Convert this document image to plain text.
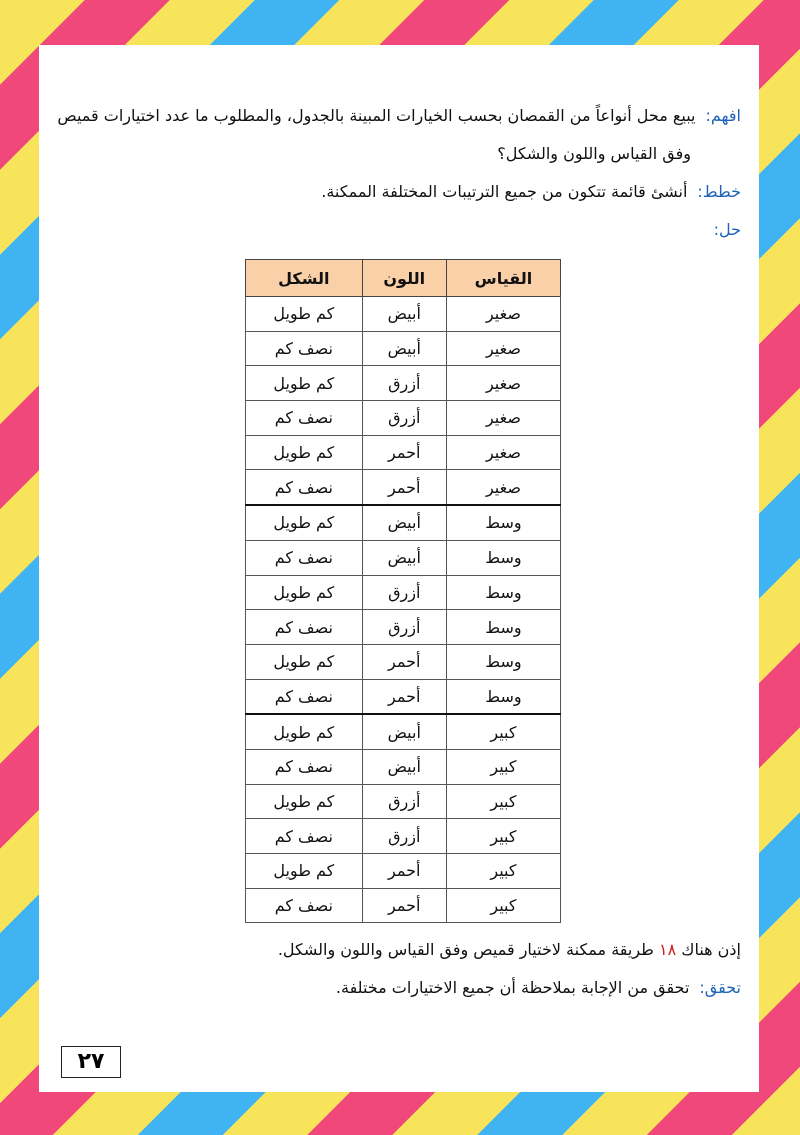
افهم:يبيع محل أنواعاً من القمصان بحسب الخيارات المبينة بالجدول، والمطلوب ما عدد اختيارات قميص

وفق القياس واللون والشكل؟

خطط:أنشئ قائمة تتكون من جميع الترتيبات المختلفة الممكنة.

حل:

القياس	اللون	الشكل
صغير	أبيض	كم طويل
صغير	أبيض	نصف كم
صغير	أزرق	كم طويل
صغير	أزرق	نصف كم
صغير	أحمر	كم طويل
صغير	أحمر	نصف كم
وسط	أبيض	كم طويل
وسط	أبيض	نصف كم
وسط	أزرق	كم طويل
وسط	أزرق	نصف كم
وسط	أحمر	كم طويل
وسط	أحمر	نصف كم
كبير	أبيض	كم طويل
كبير	أبيض	نصف كم
كبير	أزرق	كم طويل
كبير	أزرق	نصف كم
كبير	أحمر	كم طويل
كبير	أحمر	نصف كم

إذن هناك ١٨ طريقة ممكنة لاختيار قميص وفق القياس واللون والشكل.

تحقق:تحقق من الإجابة بملاحظة أن جميع الاختيارات مختلفة.

٢٧
